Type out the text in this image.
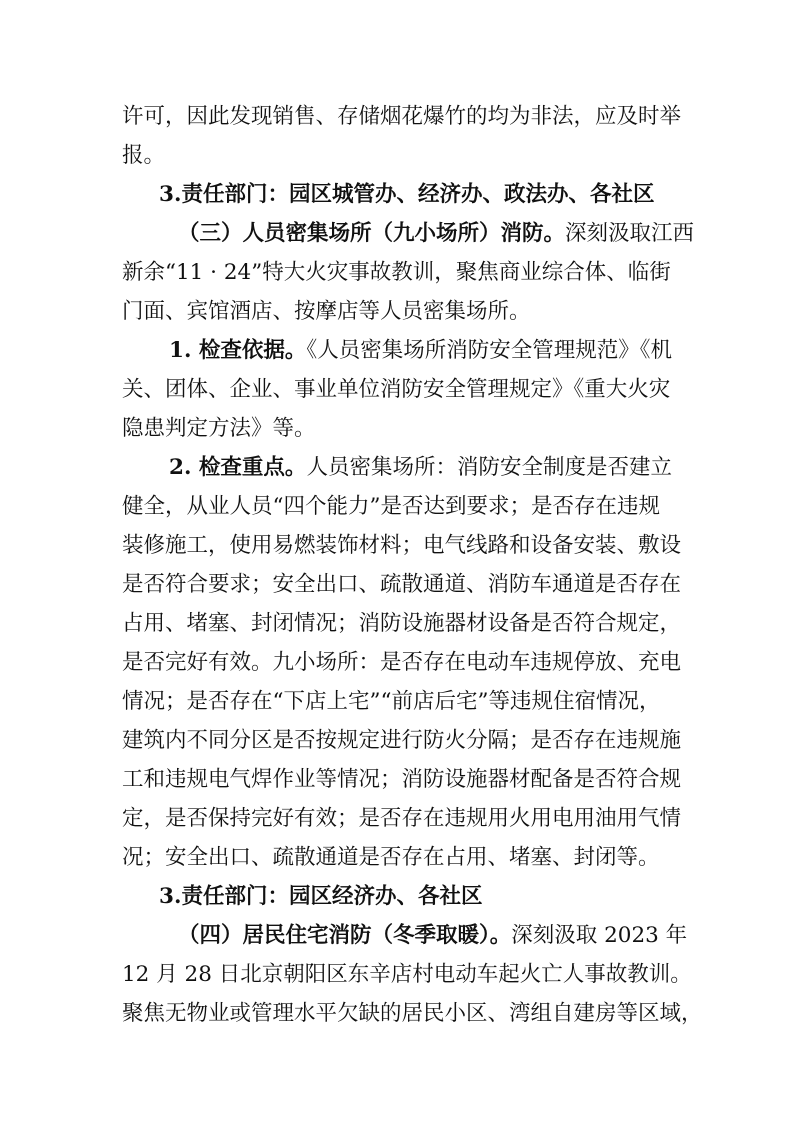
许可，因此发现销售、存储烟花爆竹的均为非法，应及时举
报。
3.责任部门：园区城管办、经济办、政法办、各社区
（三）人员密集场所（九小场所）消防。深刻汲取江西
新余“11 · 24”特大火灾事故教训，聚焦商业综合体、临街
门面、宾馆酒店、按摩店等人员密集场所。
1. 检查依据。《人员密集场所消防安全管理规范》《机
关、团体、企业、事业单位消防安全管理规定》《重大火灾
隐患判定方法》等。
2. 检查重点。人员密集场所：消防安全制度是否建立
健全，从业人员“四个能力”是否达到要求；是否存在违规
装修施工，使用易燃装饰材料；电气线路和设备安装、敷设
是否符合要求；安全出口、疏散通道、消防车通道是否存在
占用、堵塞、封闭情况；消防设施器材设备是否符合规定，
是否完好有效。九小场所：是否存在电动车违规停放、充电
情况；是否存在“下店上宅”“前店后宅”等违规住宿情况，
建筑内不同分区是否按规定进行防火分隔；是否存在违规施
工和违规电气焊作业等情况；消防设施器材配备是否符合规
定，是否保持完好有效；是否存在违规用火用电用油用气情
况；安全出口、疏散通道是否存在占用、堵塞、封闭等。
3.责任部门：园区经济办、各社区
（四）居民住宅消防（冬季取暖）。深刻汲取 2023 年
12 月 28 日北京朝阳区东辛店村电动车起火亡人事故教训。
聚焦无物业或管理水平欠缺的居民小区、湾组自建房等区域，
